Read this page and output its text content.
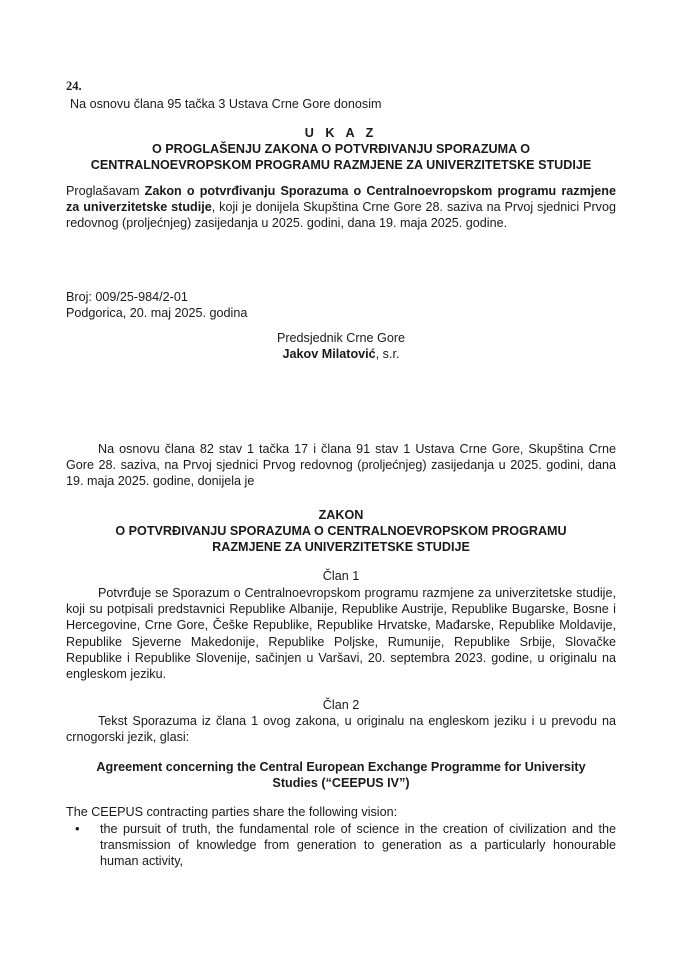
24.
Na osnovu člana 95 tačka 3 Ustava Crne Gore donosim
U K A Z
O PROGLAŠENJU ZAKONA O POTVRĐIVANJU SPORAZUMA O
CENTRALNOEVROPSKOM PROGRAMU RAZMJENE ZA UNIVERZITETSKE STUDIJE
Proglašavam Zakon o potvrđivanju Sporazuma o Centralnoevropskom programu razmjene za univerzitetske studije, koji je donijela Skupština Crne Gore 28. saziva na Prvoj sjednici Prvog redovnog (proljećnjeg) zasijedanja u 2025. godini, dana 19. maja 2025. godine.
Broj: 009/25-984/2-01
Podgorica, 20. maj 2025. godina
Predsjednik Crne Gore
Jakov Milatović, s.r.
Na osnovu člana 82 stav 1 tačka 17 i člana 91 stav 1 Ustava Crne Gore, Skupština Crne Gore 28. saziva, na Prvoj sjednici Prvog redovnog (proljećnjeg) zasijedanja u 2025. godini, dana 19. maja 2025. godine, donijela je
ZAKON
O POTVRĐIVANJU SPORAZUMA O CENTRALNOEVROPSKOM PROGRAMU
RAZMJENE ZA UNIVERZITETSKE STUDIJE
Član 1
Potvrđuje se Sporazum o Centralnoevropskom programu razmjene za univerzitetske studije, koji su potpisali predstavnici Republike Albanije, Republike Austrije, Republike Bugarske, Bosne i Hercegovine, Crne Gore, Češke Republike, Republike Hrvatske, Mađarske, Republike Moldavije, Republike Sjeverne Makedonije, Republike Poljske, Rumunije, Republike Srbije, Slovačke Republike i Republike Slovenije, sačinjen u Varšavi, 20. septembra 2023. godine, u originalu na engleskom jeziku.
Član 2
Tekst Sporazuma iz člana 1 ovog zakona, u originalu na engleskom jeziku i u prevodu na crnogorski jezik, glasi:
Agreement concerning the Central European Exchange Programme for University
Studies (“CEEPUS IV”)
The CEEPUS contracting parties share the following vision:
• the pursuit of truth, the fundamental role of science in the creation of civilization and the transmission of knowledge from generation to generation as a particularly honourable human activity,
